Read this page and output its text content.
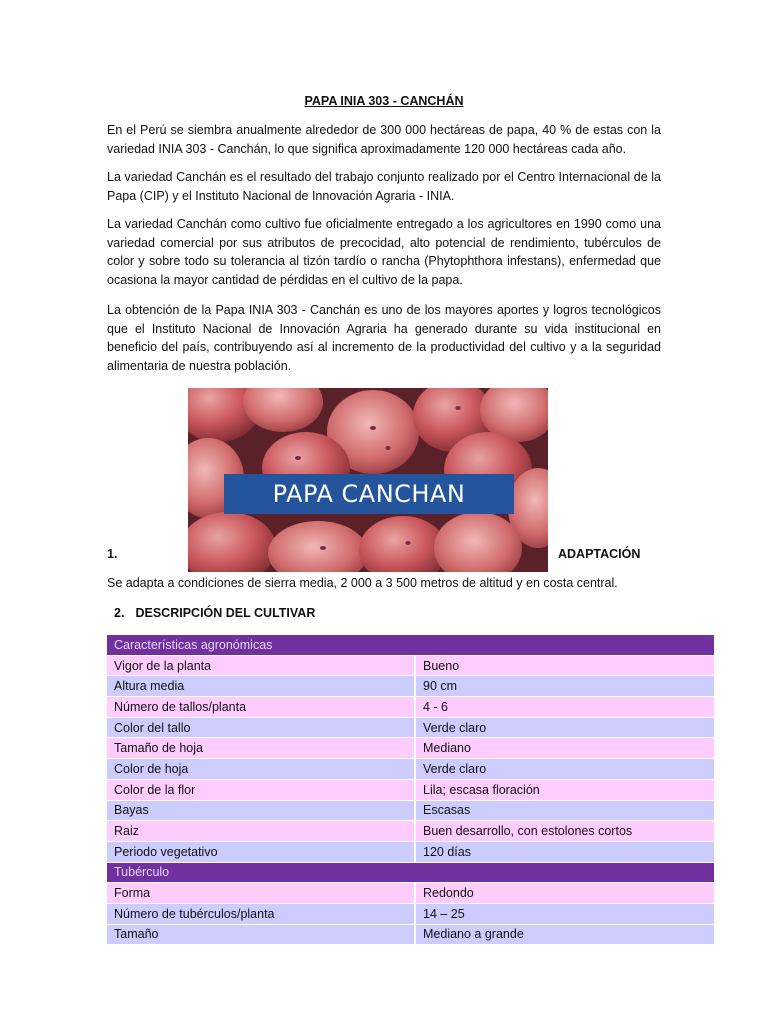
PAPA INIA 303 - CANCHÁN

En el Perú se siembra anualmente alrededor de 300 000 hectáreas de papa, 40 % de estas con la variedad INIA 303 - Canchán, lo que significa aproximadamente 120 000 hectáreas cada año.

La variedad Canchán es el resultado del trabajo conjunto realizado por el Centro Internacional de la Papa (CIP) y el Instituto Nacional de Innovación Agraria - INIA.

La variedad Canchán como cultivo fue oficialmente entregado a los agricultores en 1990 como una variedad comercial por sus atributos de precocidad, alto potencial de rendimiento, tubérculos de color y sobre todo su tolerancia al tizón tardío o rancha (Phytophthora infestans), enfermedad que ocasiona la mayor cantidad de pérdidas en el cultivo de la papa.

La obtención de la Papa INIA 303 - Canchán es uno de los mayores aportes y logros tecnológicos que el Instituto Nacional de Innovación Agraria ha generado durante su vida institucional en beneficio del país, contribuyendo así al incremento de la productividad del cultivo y a la seguridad alimentaria de nuestra población.

PAPA CANCHAN
1.	ADAPTACIÓN
Se adapta a condiciones de sierra media, 2 000 a 3 500 metros de altitud y en costa central.
2. DESCRIPCIÓN DEL CULTIVAR
Características agronómicas	
Vigor de la planta	Bueno
Altura media	90 cm
Número de tallos/planta	4 - 6
Color del tallo	Verde claro
Tamaño de hoja	Mediano
Color de hoja	Verde claro
Color de la flor	Lila; escasa floración
Bayas	Escasas
Raiz	Buen desarrollo, con estolones cortos
Periodo vegetativo	120 días
Tubérculo	
Forma	Redondo
Número de tubérculos/planta	14 – 25
Tamaño	Mediano a grande
